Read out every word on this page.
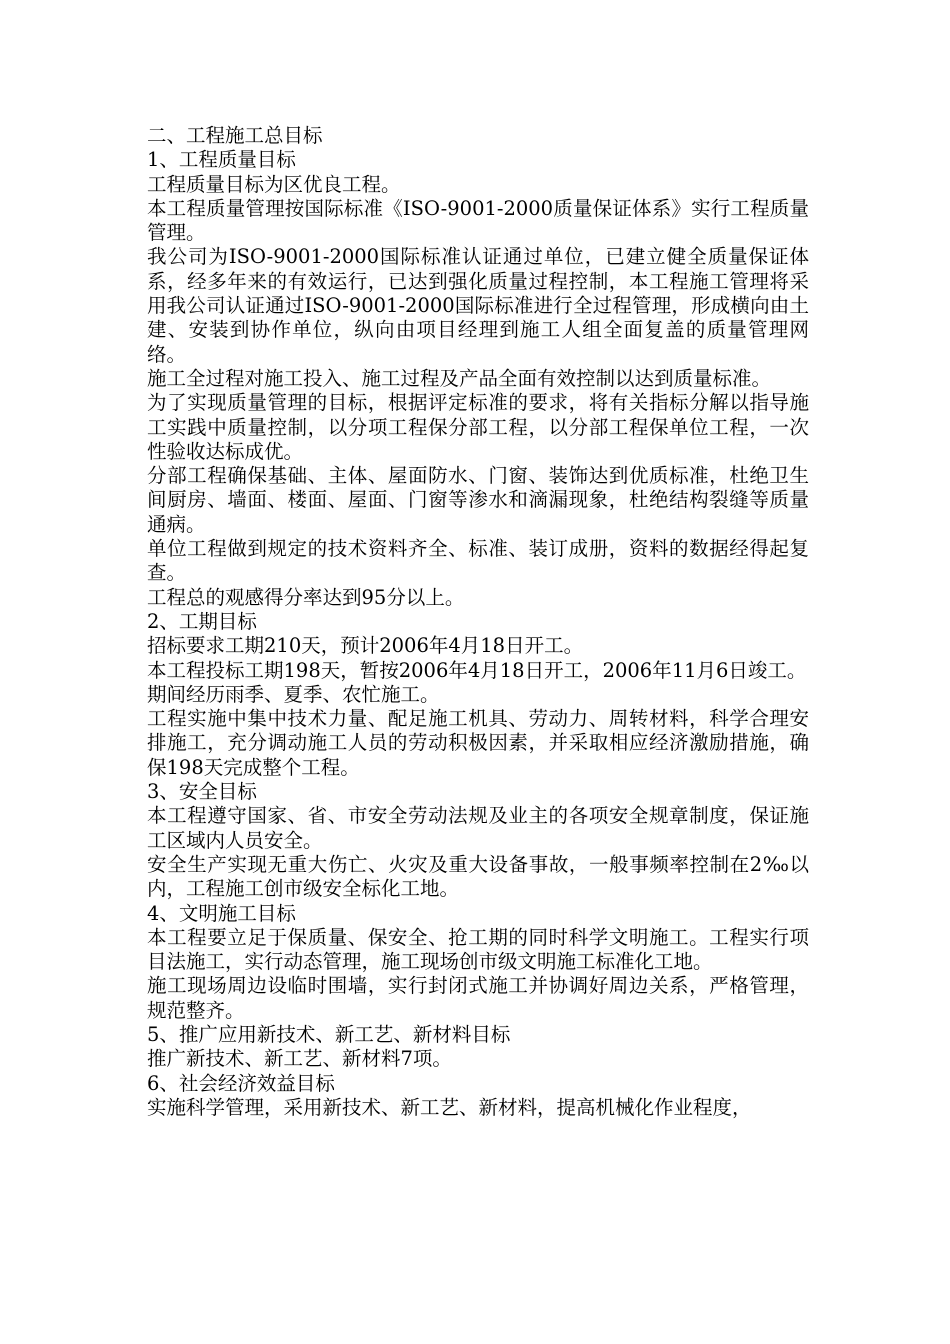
二、工程施工总目标

1、工程质量目标

工程质量目标为区优良工程。

本工程质量管理按国际标准《ISO-9001-2000质量保证体系》实行工程质量管理。

我公司为ISO-9001-2000国际标准认证通过单位，已建立健全质量保证体系，经多年来的有效运行，已达到强化质量过程控制，本工程施工管理将采用我公司认证通过ISO-9001-2000国际标准进行全过程管理，形成横向由土建、安装到协作单位，纵向由项目经理到施工人组全面复盖的质量管理网络。

施工全过程对施工投入、施工过程及产品全面有效控制以达到质量标准。

为了实现质量管理的目标，根据评定标准的要求，将有关指标分解以指导施工实践中质量控制，以分项工程保分部工程，以分部工程保单位工程，一次性验收达标成优。

分部工程确保基础、主体、屋面防水、门窗、装饰达到优质标准，杜绝卫生间厨房、墙面、楼面、屋面、门窗等渗水和滴漏现象，杜绝结构裂缝等质量通病。

单位工程做到规定的技术资料齐全、标准、装订成册，资料的数据经得起复查。

工程总的观感得分率达到95分以上。

2、工期目标

招标要求工期210天，预计2006年4月18日开工。

本工程投标工期198天，暂按2006年4月18日开工，2006年11月6日竣工。

期间经历雨季、夏季、农忙施工。

工程实施中集中技术力量、配足施工机具、劳动力、周转材料，科学合理安排施工，充分调动施工人员的劳动积极因素，并采取相应经济激励措施，确保198天完成整个工程。

3、安全目标

本工程遵守国家、省、市安全劳动法规及业主的各项安全规章制度，保证施工区域内人员安全。

安全生产实现无重大伤亡、火灾及重大设备事故，一般事频率控制在2‰以内，工程施工创市级安全标化工地。

4、文明施工目标

本工程要立足于保质量、保安全、抢工期的同时科学文明施工。工程实行项目法施工，实行动态管理，施工现场创市级文明施工标准化工地。

施工现场周边设临时围墙，实行封闭式施工并协调好周边关系，严格管理，规范整齐。

5、推广应用新技术、新工艺、新材料目标

推广新技术、新工艺、新材料7项。

6、社会经济效益目标

实施科学管理，采用新技术、新工艺、新材料，提高机械化作业程度，
